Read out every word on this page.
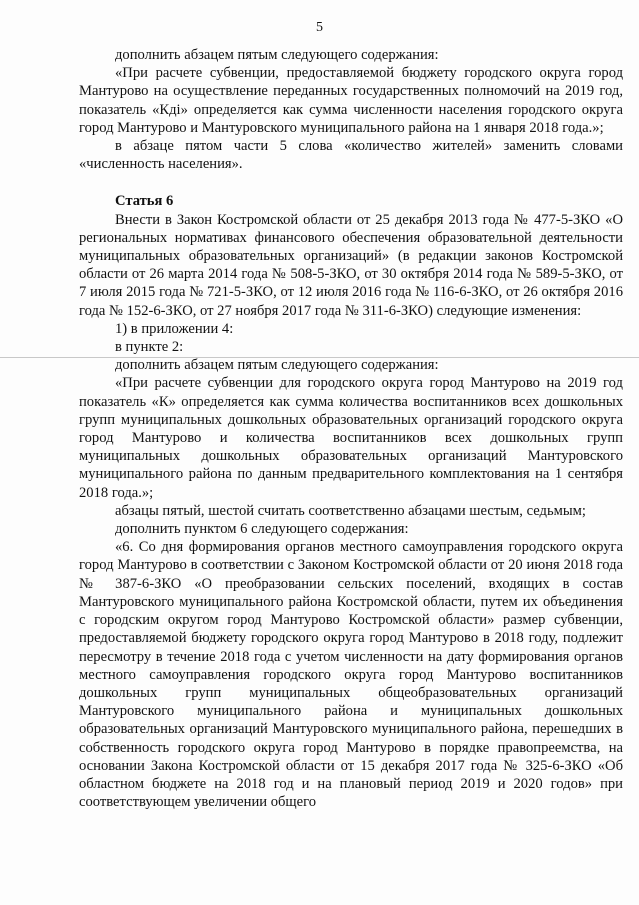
5

дополнить абзацем пятым следующего содержания:

«При расчете субвенции, предоставляемой бюджету городского округа город Мантурово на осуществление переданных государственных полномочий на 2019 год, показатель «Кдi» определяется как сумма численности населения городского округа город Мантурово и Мантуровского муниципального района на 1 января 2018 года.»;

в абзаце пятом части 5 слова «количество жителей» заменить словами «численность населения».

Статья 6

Внести в Закон Костромской области от 25 декабря 2013 года № 477-5-ЗКО «О региональных нормативах финансового обеспечения образовательной деятельности муниципальных образовательных организаций» (в редакции законов Костромской области от 26 марта 2014 года № 508-5-ЗКО, от 30 октября 2014 года № 589-5-ЗКО, от 7 июля 2015 года № 721-5-ЗКО, от 12 июля 2016 года № 116-6-ЗКО, от 26 октября 2016 года № 152-6-ЗКО, от 27 ноября 2017 года № 311-6-ЗКО) следующие изменения:

1) в приложении 4:

в пункте 2:

дополнить абзацем пятым следующего содержания:

«При расчете субвенции для городского округа город Мантурово на 2019 год показатель «К» определяется как сумма количества воспитанников всех дошкольных групп муниципальных дошкольных образовательных организаций городского округа город Мантурово и количества воспитанников всех дошкольных групп муниципальных дошкольных образовательных организаций Мантуровского муниципального района по данным предварительного комплектования на 1 сентября 2018 года.»;

абзацы пятый, шестой считать соответственно абзацами шестым, седьмым;

дополнить пунктом 6 следующего содержания:

«6. Со дня формирования органов местного самоуправления городского округа город Мантурово в соответствии с Законом Костромской области от 20 июня 2018 года № 387-6-ЗКО «О преобразовании сельских поселений, входящих в состав Мантуровского муниципального района Костромской области, путем их объединения с городским округом город Мантурово Костромской области» размер субвенции, предоставляемой бюджету городского округа город Мантурово в 2018 году, подлежит пересмотру в течение 2018 года с учетом численности на дату формирования органов местного самоуправления городского округа город Мантурово воспитанников дошкольных групп муниципальных общеобразовательных организаций Мантуровского муниципального района и муниципальных дошкольных образовательных организаций Мантуровского муниципального района, перешедших в собственность городского округа город Мантурово в порядке правопреемства, на основании Закона Костромской области от 15 декабря 2017 года № 325-6-ЗКО «Об областном бюджете на 2018 год и на плановый период 2019 и 2020 годов» при соответствующем увеличении общего
